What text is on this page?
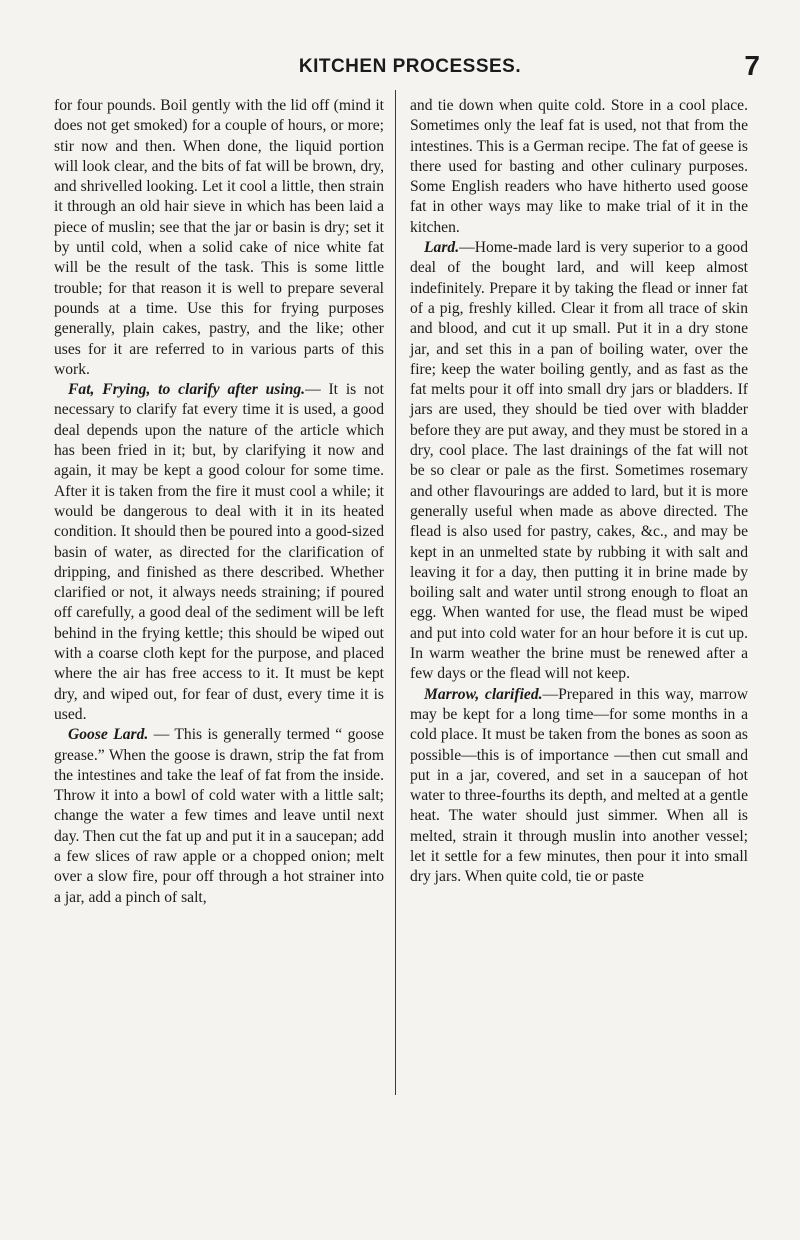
KITCHEN PROCESSES.	7

for four pounds. Boil gently with the lid off (mind it does not get smoked) for a couple of hours, or more; stir now and then. When done, the liquid portion will look clear, and the bits of fat will be brown, dry, and shrivelled looking. Let it cool a little, then strain it through an old hair sieve in which has been laid a piece of muslin; see that the jar or basin is dry; set it by until cold, when a solid cake of nice white fat will be the result of the task. This is some little trouble; for that reason it is well to prepare several pounds at a time. Use this for frying purposes generally, plain cakes, pastry, and the like; other uses for it are referred to in various parts of this work.

Fat, Frying, to clarify after using.— It is not necessary to clarify fat every time it is used, a good deal depends upon the nature of the article which has been fried in it; but, by clarifying it now and again, it may be kept a good colour for some time. After it is taken from the fire it must cool a while; it would be dangerous to deal with it in its heated condition. It should then be poured into a good-sized basin of water, as directed for the clarification of dripping, and finished as there described. Whether clarified or not, it always needs straining; if poured off carefully, a good deal of the sediment will be left behind in the frying kettle; this should be wiped out with a coarse cloth kept for the purpose, and placed where the air has free access to it. It must be kept dry, and wiped out, for fear of dust, every time it is used.

Goose Lard. — This is generally termed “ goose grease.” When the goose is drawn, strip the fat from the intestines and take the leaf of fat from the inside. Throw it into a bowl of cold water with a little salt; change the water a few times and leave until next day. Then cut the fat up and put it in a saucepan; add a few slices of raw apple or a chopped onion; melt over a slow fire, pour off through a hot strainer into a jar, add a pinch of salt,

and tie down when quite cold. Store in a cool place. Sometimes only the leaf fat is used, not that from the intestines. This is a German recipe. The fat of geese is there used for basting and other culinary purposes. Some English readers who have hitherto used goose fat in other ways may like to make trial of it in the kitchen.

Lard.—Home-made lard is very superior to a good deal of the bought lard, and will keep almost indefinitely. Prepare it by taking the flead or inner fat of a pig, freshly killed. Clear it from all trace of skin and blood, and cut it up small. Put it in a dry stone jar, and set this in a pan of boiling water, over the fire; keep the water boiling gently, and as fast as the fat melts pour it off into small dry jars or bladders. If jars are used, they should be tied over with bladder before they are put away, and they must be stored in a dry, cool place. The last drainings of the fat will not be so clear or pale as the first. Sometimes rosemary and other flavourings are added to lard, but it is more generally useful when made as above directed. The flead is also used for pastry, cakes, &c., and may be kept in an unmelted state by rubbing it with salt and leaving it for a day, then putting it in brine made by boiling salt and water until strong enough to float an egg. When wanted for use, the flead must be wiped and put into cold water for an hour before it is cut up. In warm weather the brine must be renewed after a few days or the flead will not keep.

Marrow, clarified.—Prepared in this way, marrow may be kept for a long time—for some months in a cold place. It must be taken from the bones as soon as possible—this is of importance —then cut small and put in a jar, covered, and set in a saucepan of hot water to three-fourths its depth, and melted at a gentle heat. The water should just simmer. When all is melted, strain it through muslin into another vessel; let it settle for a few minutes, then pour it into small dry jars. When quite cold, tie or paste
